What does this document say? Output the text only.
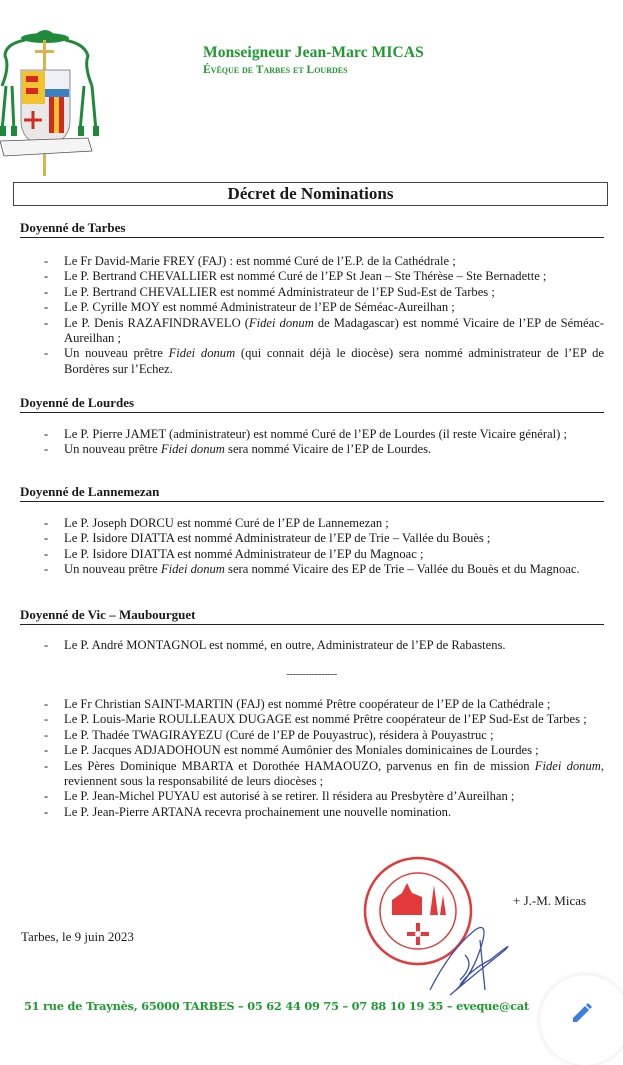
Monseigneur Jean-Marc MICAS
Évêque de Tarbes et Lourdes
Décret de Nominations
Doyenné de Tarbes
- Le Fr David-Marie FREY (FAJ) : est nommé Curé de l’E.P. de la Cathédrale ;
- Le P. Bertrand CHEVALLIER est nommé Curé de l’EP St Jean – Ste Thérèse – Ste Bernadette ;
- Le P. Bertrand CHEVALLIER est nommé Administrateur de l’EP Sud-Est de Tarbes ;
- Le P. Cyrille MOY est nommé Administrateur de l’EP de Séméac-Aureilhan ;
- Le P. Denis RAZAFINDRAVELO (Fidei donum de Madagascar) est nommé Vicaire de l’EP de Séméac-Aureilhan ;
- Un nouveau prêtre Fidei donum (qui connait déjà le diocèse) sera nommé administrateur de l’EP de Bordères sur l’Echez.
Doyenné de Lourdes
- Le P. Pierre JAMET (administrateur) est nommé Curé de l’EP de Lourdes (il reste Vicaire général) ;
- Un nouveau prêtre Fidei donum sera nommé Vicaire de l’EP de Lourdes.
Doyenné de Lannemezan
- Le P. Joseph DORCU est nommé Curé de l’EP de Lannemezan ;
- Le P. Isidore DIATTA est nommé Administrateur de l’EP de Trie – Vallée du Bouès ;
- Le P. Isidore DIATTA est nommé Administrateur de l’EP du Magnoac ;
- Un nouveau prêtre Fidei donum sera nommé Vicaire des EP de Trie – Vallée du Bouès et du Magnoac.
Doyenné de Vic – Maubourguet
- Le P. André MONTAGNOL est nommé, en outre, Administrateur de l’EP de Rabastens.
----------------
- Le Fr Christian SAINT-MARTIN (FAJ) est nommé Prêtre coopérateur de l’EP de la Cathédrale ;
- Le P. Louis-Marie ROULLEAUX DUGAGE est nommé Prêtre coopérateur de l’EP Sud-Est de Tarbes ;
- Le P. Thadée TWAGIRAYEZU (Curé de l’EP de Pouyastruc), résidera à Pouyastruc ;
- Le P. Jacques ADJADOHOUN est nommé Aumônier des Moniales dominicaines de Lourdes ;
- Les Pères Dominique MBARTA et Dorothée HAMAOUZO, parvenus en fin de mission Fidei donum, reviennent sous la responsabilité de leurs diocèses ;
- Le P. Jean-Michel PUYAU est autorisé à se retirer. Il résidera au Presbytère d’Aureilhan ;
- Le P. Jean-Pierre ARTANA recevra prochainement une nouvelle nomination.
+ J.-M. Micas
Tarbes, le 9 juin 2023
51 rue de Traynès, 65000 TARBES – 05 62 44 09 75 – 07 88 10 19 35 – eveque@cat
